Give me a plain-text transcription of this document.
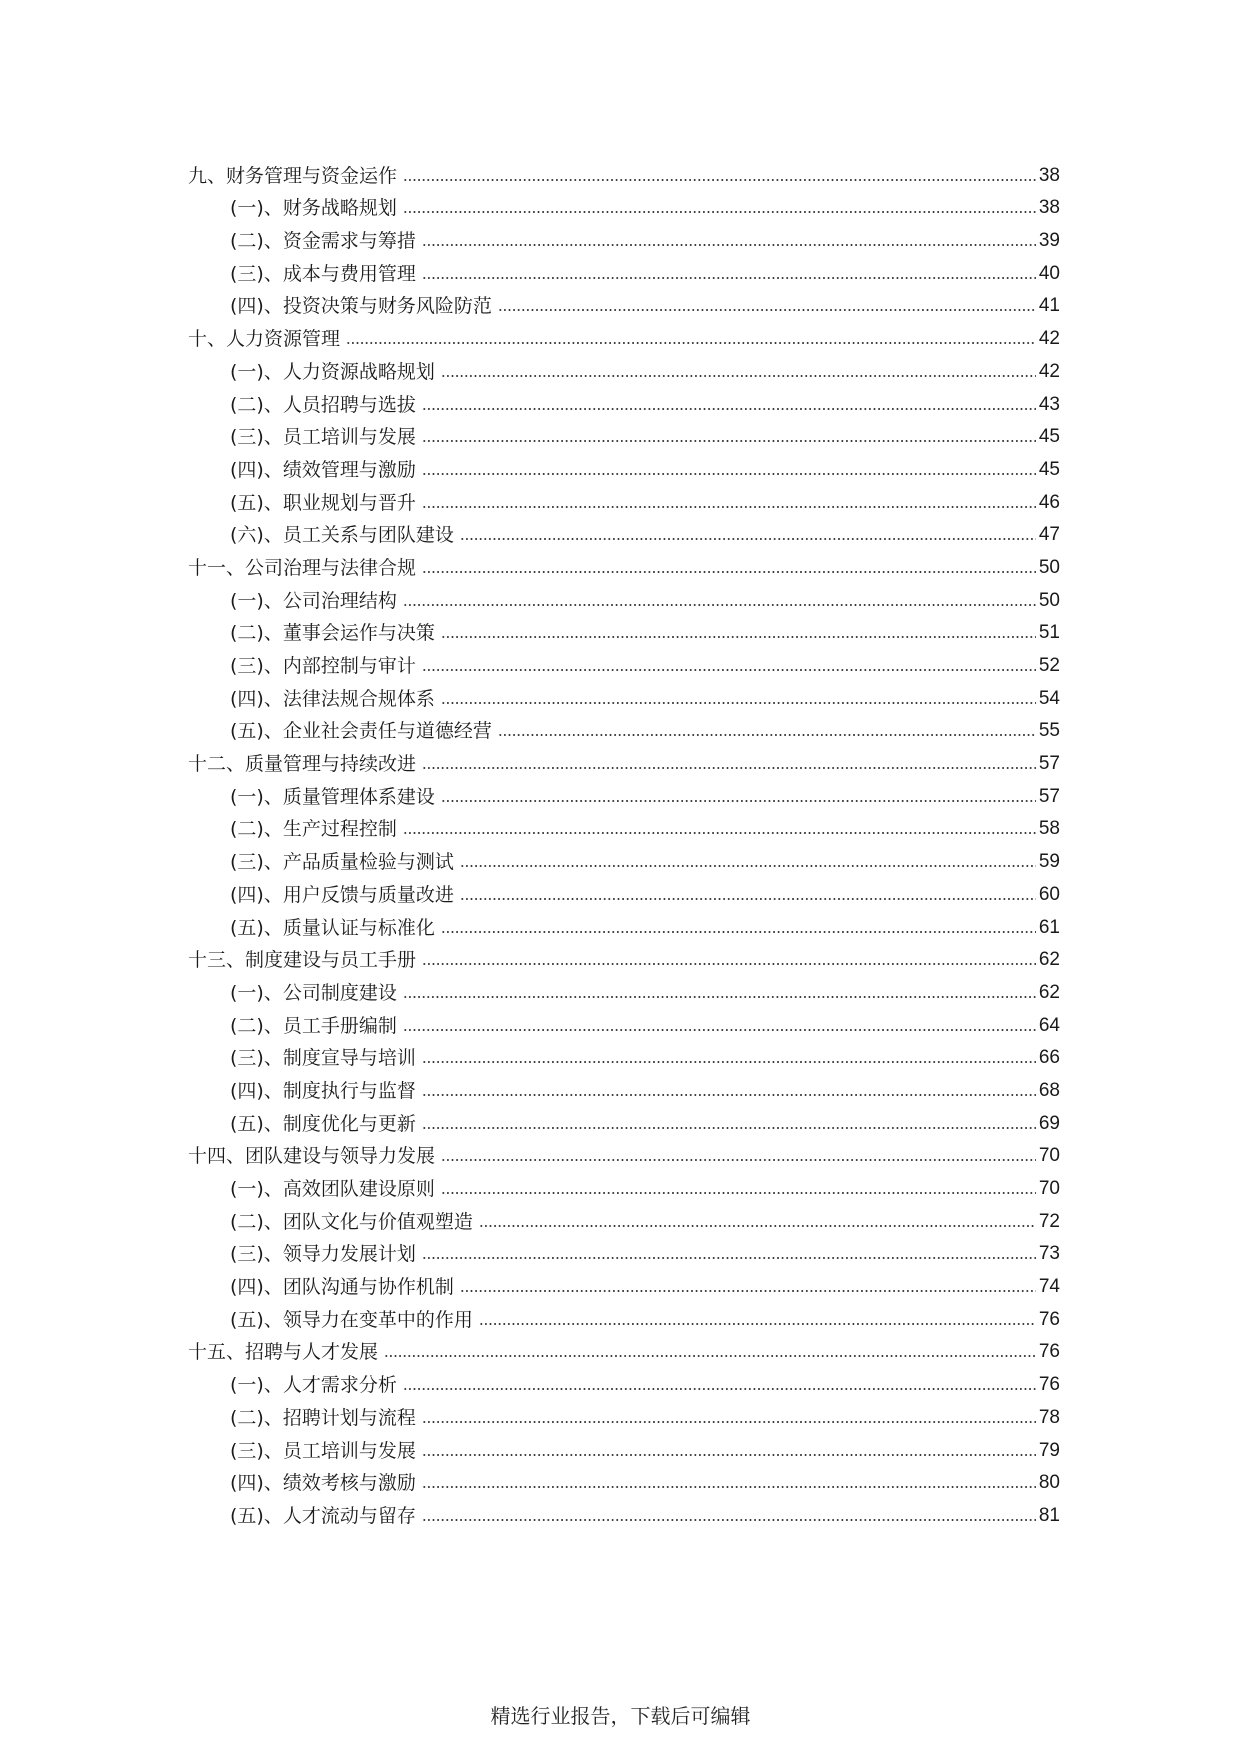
九、财务管理与资金运作	38
(一)、财务战略规划	38
(二)、资金需求与筹措	39
(三)、成本与费用管理	40
(四)、投资决策与财务风险防范	41
十、人力资源管理	42
(一)、人力资源战略规划	42
(二)、人员招聘与选拔	43
(三)、员工培训与发展	45
(四)、绩效管理与激励	45
(五)、职业规划与晋升	46
(六)、员工关系与团队建设	47
十一、公司治理与法律合规	50
(一)、公司治理结构	50
(二)、董事会运作与决策	51
(三)、内部控制与审计	52
(四)、法律法规合规体系	54
(五)、企业社会责任与道德经营	55
十二、质量管理与持续改进	57
(一)、质量管理体系建设	57
(二)、生产过程控制	58
(三)、产品质量检验与测试	59
(四)、用户反馈与质量改进	60
(五)、质量认证与标准化	61
十三、制度建设与员工手册	62
(一)、公司制度建设	62
(二)、员工手册编制	64
(三)、制度宣导与培训	66
(四)、制度执行与监督	68
(五)、制度优化与更新	69
十四、团队建设与领导力发展	70
(一)、高效团队建设原则	70
(二)、团队文化与价值观塑造	72
(三)、领导力发展计划	73
(四)、团队沟通与协作机制	74
(五)、领导力在变革中的作用	76
十五、招聘与人才发展	76
(一)、人才需求分析	76
(二)、招聘计划与流程	78
(三)、员工培训与发展	79
(四)、绩效考核与激励	80
(五)、人才流动与留存	81
精选行业报告，下载后可编辑
